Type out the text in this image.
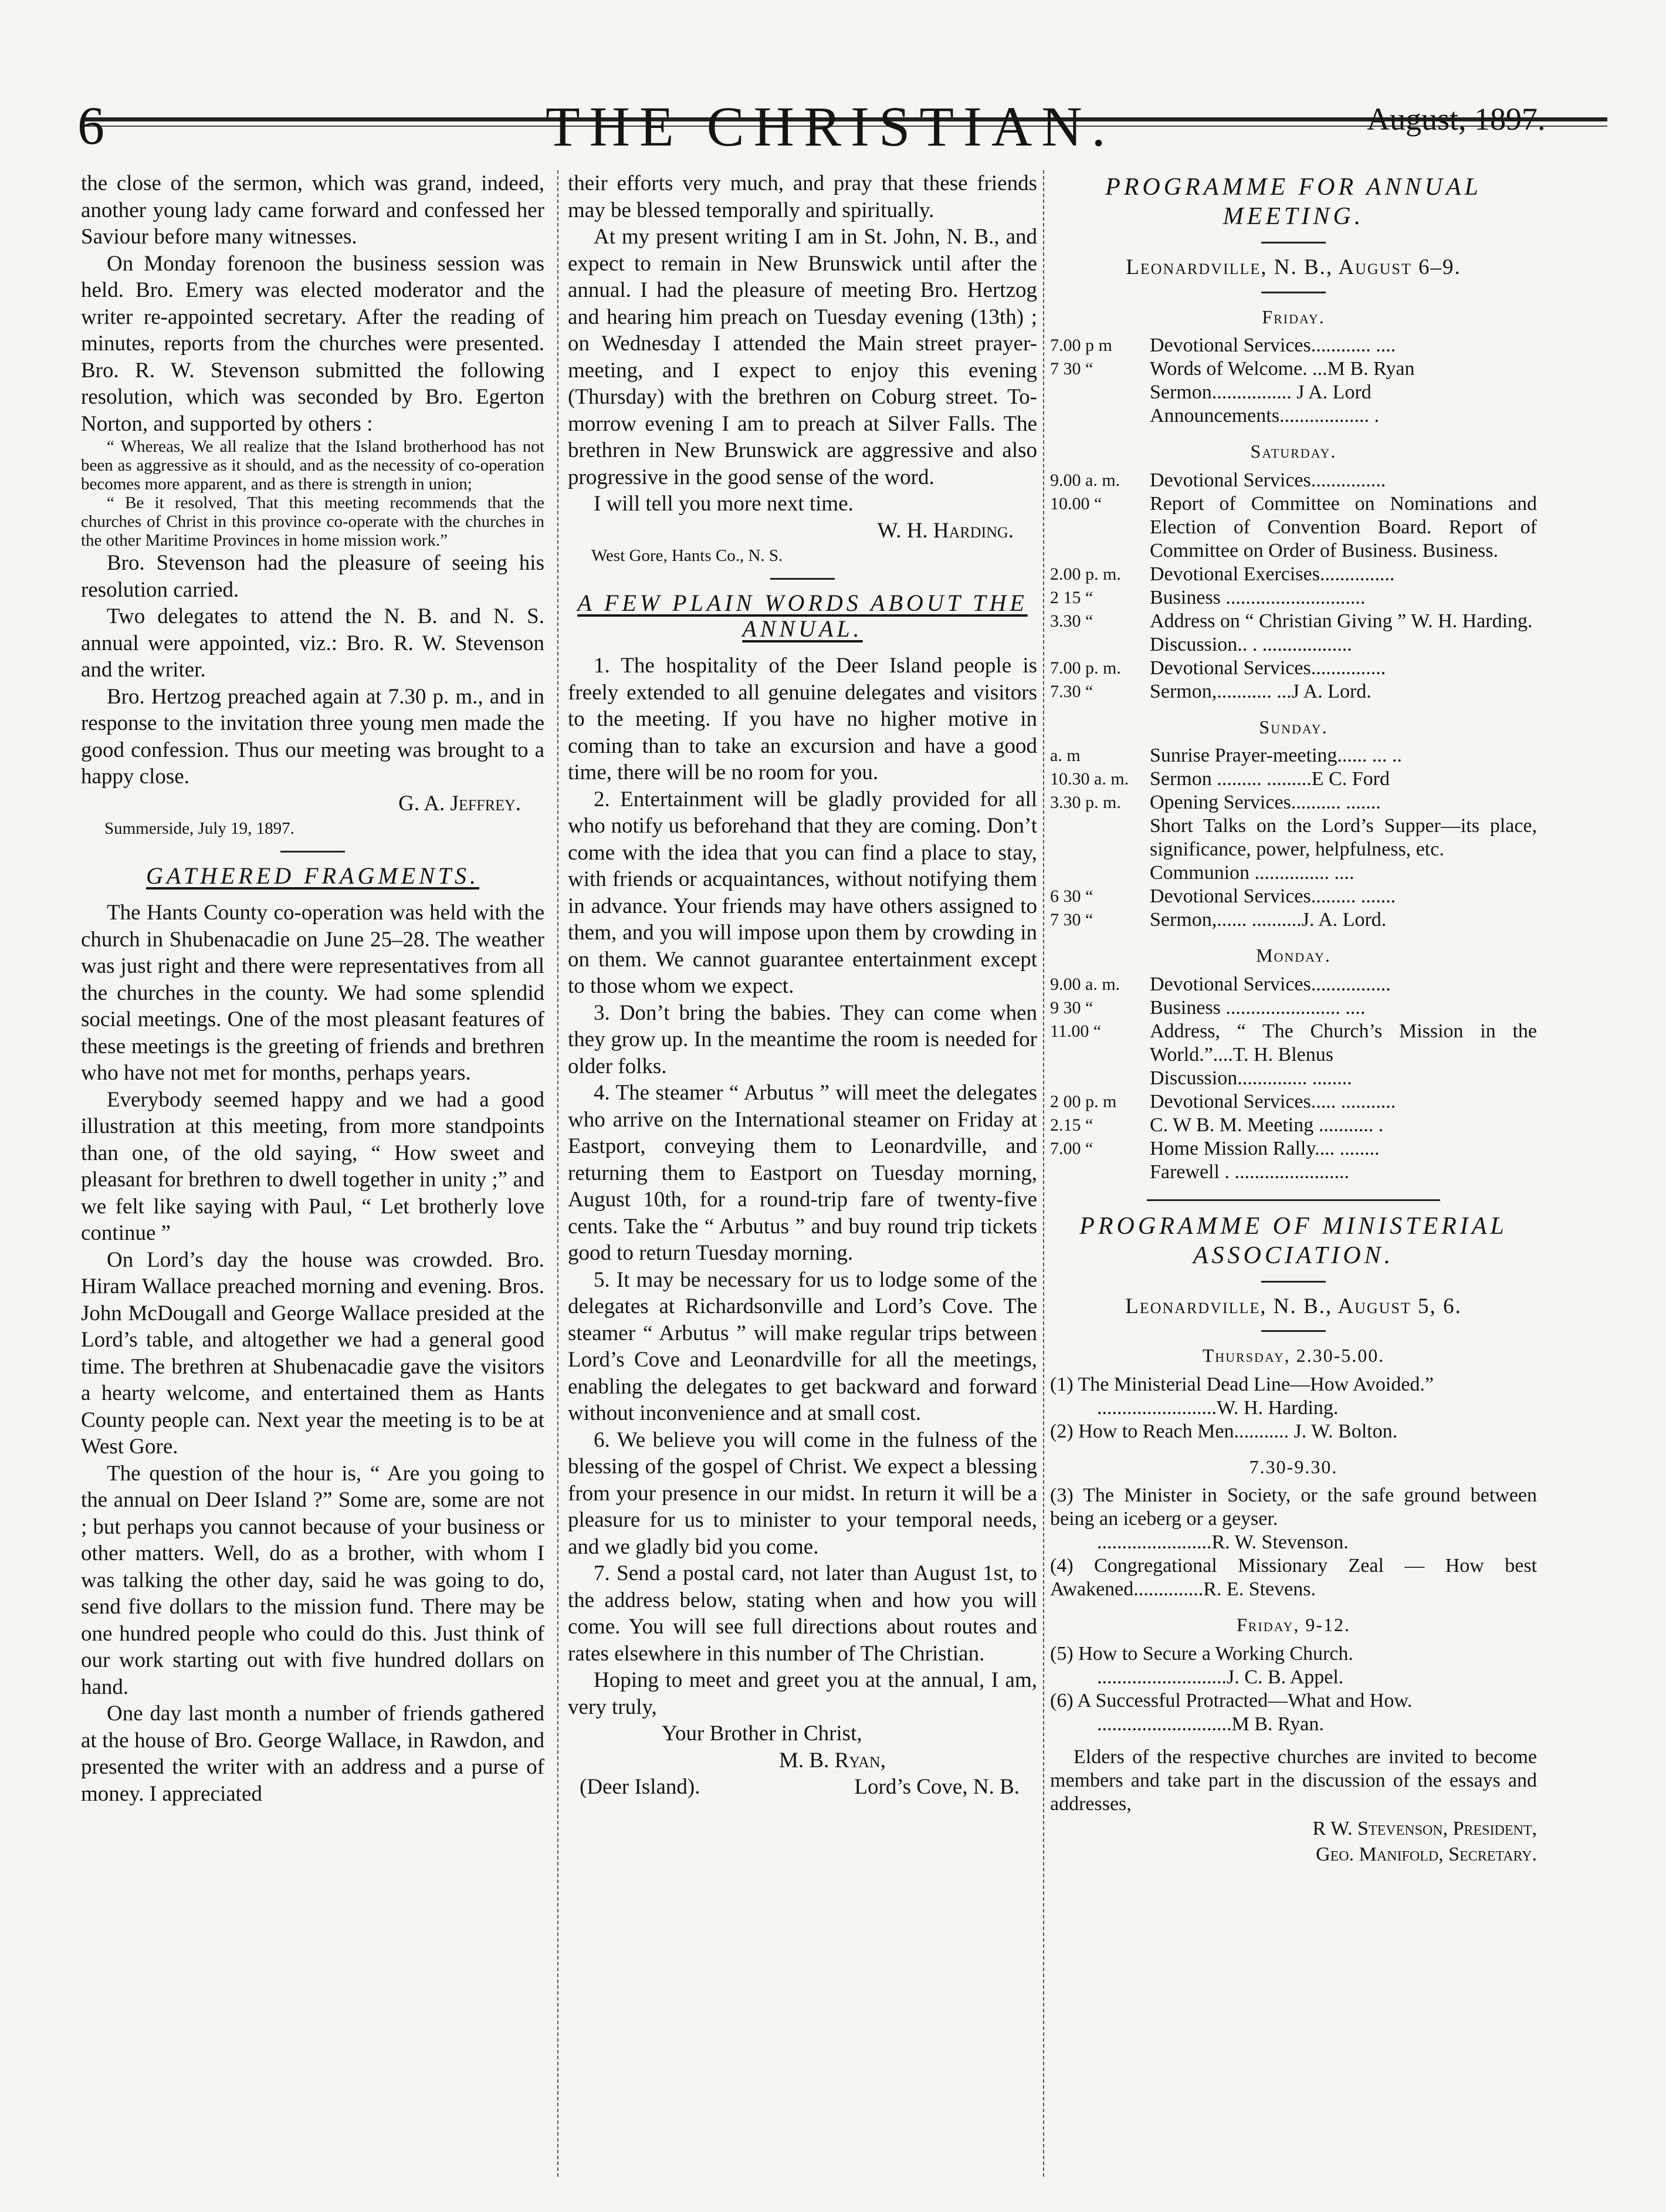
6	THE CHRISTIAN.	August, 1897.

the close of the sermon, which was grand, indeed, another young lady came forward and confessed her Saviour before many witnesses.

On Monday forenoon the business session was held. Bro. Emery was elected moderator and the writer re-appointed secretary. After the reading of minutes, reports from the churches were presented. Bro. R. W. Stevenson submitted the following resolution, which was seconded by Bro. Egerton Norton, and supported by others :

“ Whereas, We all realize that the Island brotherhood has not been as aggressive as it should, and as the necessity of co-operation becomes more apparent, and as there is strength in union;

“ Be it resolved, That this meeting recommends that the churches of Christ in this province co-operate with the churches in the other Maritime Provinces in home mission work.”

Bro. Stevenson had the pleasure of seeing his resolution carried.

Two delegates to attend the N. B. and N. S. annual were appointed, viz.: Bro. R. W. Stevenson and the writer.

Bro. Hertzog preached again at 7.30 p. m., and in response to the invitation three young men made the good confession. Thus our meeting was brought to a happy close.

G. A. Jeffrey.

Summerside, July 19, 1897.

GATHERED FRAGMENTS.

The Hants County co-operation was held with the church in Shubenacadie on June 25–28. The weather was just right and there were representatives from all the churches in the county. We had some splendid social meetings. One of the most pleasant features of these meetings is the greeting of friends and brethren who have not met for months, perhaps years.

Everybody seemed happy and we had a good illustration at this meeting, from more standpoints than one, of the old saying, “ How sweet and pleasant for brethren to dwell together in unity ;” and we felt like saying with Paul, “ Let brotherly love continue ”

On Lord’s day the house was crowded. Bro. Hiram Wallace preached morning and evening. Bros. John McDougall and George Wallace presided at the Lord’s table, and altogether we had a general good time. The brethren at Shubenacadie gave the visitors a hearty welcome, and entertained them as Hants County people can. Next year the meeting is to be at West Gore.

The question of the hour is, “ Are you going to the annual on Deer Island ?” Some are, some are not ; but perhaps you cannot because of your business or other matters. Well, do as a brother, with whom I was talking the other day, said he was going to do, send five dollars to the mission fund. There may be one hundred people who could do this. Just think of our work starting out with five hundred dollars on hand.

One day last month a number of friends gathered at the house of Bro. George Wallace, in Rawdon, and presented the writer with an address and a purse of money. I appreciated

their efforts very much, and pray that these friends may be blessed temporally and spiritually.

At my present writing I am in St. John, N. B., and expect to remain in New Brunswick until after the annual. I had the pleasure of meeting Bro. Hertzog and hearing him preach on Tuesday evening (13th) ; on Wednesday I attended the Main street prayer-meeting, and I expect to enjoy this evening (Thursday) with the brethren on Coburg street. To-morrow evening I am to preach at Silver Falls. The brethren in New Brunswick are aggressive and also progressive in the good sense of the word.

I will tell you more next time.

W. H. Harding.

West Gore, Hants Co., N. S.

A FEW PLAIN WORDS ABOUT THE ANNUAL.

1. The hospitality of the Deer Island people is freely extended to all genuine delegates and visitors to the meeting. If you have no higher motive in coming than to take an excursion and have a good time, there will be no room for you.

2. Entertainment will be gladly provided for all who notify us beforehand that they are coming. Don’t come with the idea that you can find a place to stay, with friends or acquaintances, without notifying them in advance. Your friends may have others assigned to them, and you will impose upon them by crowding in on them. We cannot guarantee entertainment except to those whom we expect.

3. Don’t bring the babies. They can come when they grow up. In the meantime the room is needed for older folks.

4. The steamer “ Arbutus ” will meet the delegates who arrive on the International steamer on Friday at Eastport, conveying them to Leonardville, and returning them to Eastport on Tuesday morning, August 10th, for a round-trip fare of twenty-five cents. Take the “ Arbutus ” and buy round trip tickets good to return Tuesday morning.

5. It may be necessary for us to lodge some of the delegates at Richardsonville and Lord’s Cove. The steamer “ Arbutus ” will make regular trips between Lord’s Cove and Leonardville for all the meetings, enabling the delegates to get backward and forward without inconvenience and at small cost.

6. We believe you will come in the fulness of the blessing of the gospel of Christ. We expect a blessing from your presence in our midst. In return it will be a pleasure for us to minister to your temporal needs, and we gladly bid you come.

7. Send a postal card, not later than August 1st, to the address below, stating when and how you will come. You will see full directions about routes and rates elsewhere in this number of The Christian.

Hoping to meet and greet you at the annual, I am, very truly,

Your Brother in Christ,

M. B. Ryan,

(Deer Island).	Lord’s Cove, N. B.

PROGRAMME FOR ANNUAL MEETING.

Leonardville, N. B., August 6–9.

Friday.

7.00 p m	Devotional Services............ ....
7 30 “	Words of Welcome. ...M B. Ryan
Sermon................ J A. Lord
Announcements.................. .

Saturday.

9.00 a. m.	Devotional Services...............
10.00 “	Report of Committee on Nominations and Election of Convention Board. Report of Committee on Order of Business. Business.
2.00 p. m.	Devotional Exercises...............
2 15 “	Business ............................
3.30 “	Address on “ Christian Giving ” W. H. Harding.
Discussion.. . ..................
7.00 p. m.	Devotional Services...............
7.30 “	Sermon,........... ...J A. Lord.

Sunday.

a. m	Sunrise Prayer-meeting...... ... ..
10.30 a. m.	Sermon ......... .........E C. Ford
3.30 p. m.	Opening Services.......... .......
Short Talks on the Lord’s Supper—its place, significance, power, helpfulness, etc.
Communion ............... ....
6 30 “	Devotional Services......... .......
7 30 “	Sermon,...... ..........J. A. Lord.

Monday.

9.00 a. m.	Devotional Services................
9 30 “	Business ....................... ....
11.00 “	Address, “ The Church’s Mission in the World.”....T. H. Blenus
Discussion.............. ........
2 00 p. m	Devotional Services..... ...........
2.15 “	C. W B. M. Meeting ........... .
7.00 “	Home Mission Rally.... ........
Farewell . .......................

PROGRAMME OF MINISTERIAL ASSOCIATION.

Leonardville, N. B., August 5, 6.

Thursday, 2.30-5.00.

(1) The Ministerial Dead Line—How Avoided.”
........................W. H. Harding.
(2) How to Reach Men........... J. W. Bolton.

7.30-9.30.

(3) The Minister in Society, or the safe ground between being an iceberg or a geyser.
.......................R. W. Stevenson.
(4) Congregational Missionary Zeal — How best Awakened..............R. E. Stevens.

Friday, 9-12.

(5) How to Secure a Working Church.
..........................J. C. B. Appel.
(6) A Successful Protracted—What and How.
...........................M B. Ryan.

Elders of the respective churches are invited to become members and take part in the discussion of the essays and addresses,

R W. Stevenson, President,

Geo. Manifold, Secretary.
